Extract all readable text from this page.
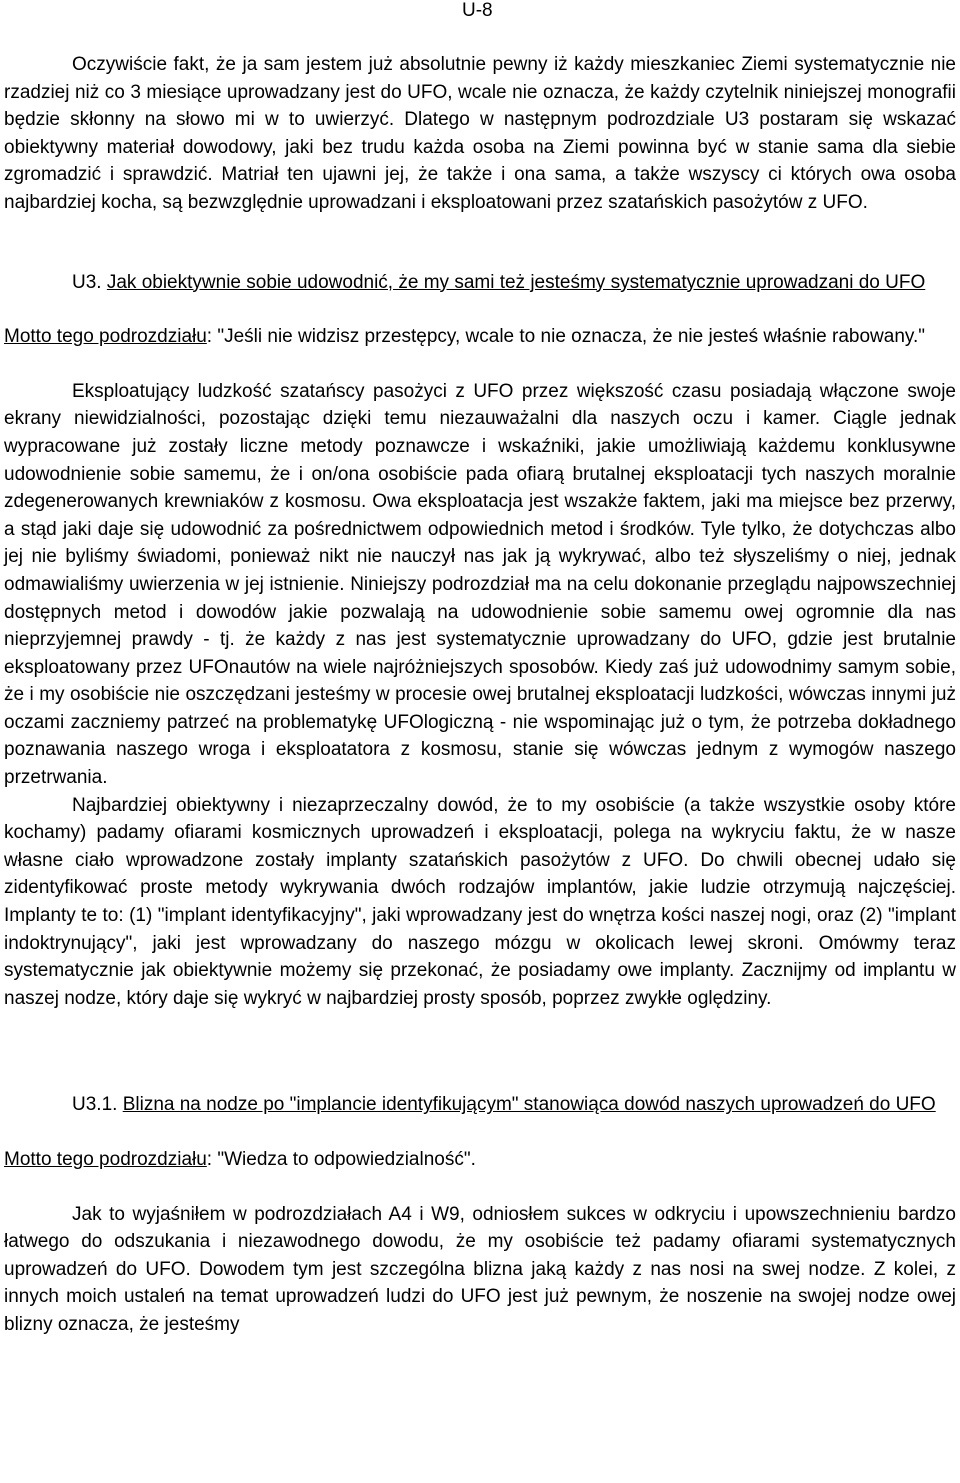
U-8

Oczywiście fakt, że ja sam jestem już absolutnie pewny iż każdy mieszkaniec Ziemi systematycznie nie rzadziej niż co 3 miesiące uprowadzany jest do UFO, wcale nie oznacza, że każdy czytelnik niniejszej monografii będzie skłonny na słowo mi w to uwierzyć. Dlatego w następnym podrozdziale U3 postaram się wskazać obiektywny materiał dowodowy, jaki bez trudu każda osoba na Ziemi powinna być w stanie sama dla siebie zgromadzić i sprawdzić. Matriał ten ujawni jej, że także i ona sama, a także wszyscy ci których owa osoba najbardziej kocha, są bezwzględnie uprowadzani i eksploatowani przez szatańskich pasożytów z UFO.

U3. Jak obiektywnie sobie udowodnić, że my sami też jesteśmy systematycznie uprowadzani do UFO

Motto tego podrozdziału: "Jeśli nie widzisz przestępcy, wcale to nie oznacza, że nie jesteś właśnie rabowany."

Eksploatujący ludzkość szatańscy pasożyci z UFO przez większość czasu posiadają włączone swoje ekrany niewidzialności, pozostając dzięki temu niezauważalni dla naszych oczu i kamer. Ciągle jednak wypracowane już zostały liczne metody poznawcze i wskaźniki, jakie umożliwiają każdemu konklusywne udowodnienie sobie samemu, że i on/ona osobiście pada ofiarą brutalnej eksploatacji tych naszych moralnie zdegenerowanych krewniaków z kosmosu. Owa eksploatacja jest wszakże faktem, jaki ma miejsce bez przerwy, a stąd jaki daje się udowodnić za pośrednictwem odpowiednich metod i środków. Tyle tylko, że dotychczas albo jej nie byliśmy świadomi, ponieważ nikt nie nauczył nas jak ją wykrywać, albo też słyszeliśmy o niej, jednak odmawialiśmy uwierzenia w jej istnienie. Niniejszy podrozdział ma na celu dokonanie przeglądu najpowszechniej dostępnych metod i dowodów jakie pozwalają na udowodnienie sobie samemu owej ogromnie dla nas nieprzyjemnej prawdy - tj. że każdy z nas jest systematycznie uprowadzany do UFO, gdzie jest brutalnie eksploatowany przez UFOnautów na wiele najróżniejszych sposobów. Kiedy zaś już udowodnimy samym sobie, że i my osobiście nie oszczędzani jesteśmy w procesie owej brutalnej eksploatacji ludzkości, wówczas innymi już oczami zaczniemy patrzeć na problematykę UFOlogiczną - nie wspominając już o tym, że potrzeba dokładnego poznawania naszego wroga i eksploatatora z kosmosu, stanie się wówczas jednym z wymogów naszego przetrwania.

Najbardziej obiektywny i niezaprzeczalny dowód, że to my osobiście (a także wszystkie osoby które kochamy) padamy ofiarami kosmicznych uprowadzeń i eksploatacji, polega na wykryciu faktu, że w nasze własne ciało wprowadzone zostały implanty szatańskich pasożytów z UFO. Do chwili obecnej udało się zidentyfikować proste metody wykrywania dwóch rodzajów implantów, jakie ludzie otrzymują najczęściej. Implanty te to: (1) "implant identyfikacyjny", jaki wprowadzany jest do wnętrza kości naszej nogi, oraz (2) "implant indoktrynujący", jaki jest wprowadzany do naszego mózgu w okolicach lewej skroni. Omówmy teraz systematycznie jak obiektywnie możemy się przekonać, że posiadamy owe implanty. Zacznijmy od implantu w naszej nodze, który daje się wykryć w najbardziej prosty sposób, poprzez zwykłe oględziny.

U3.1. Blizna na nodze po "implancie identyfikującym" stanowiąca dowód naszych uprowadzeń do UFO

Motto tego podrozdziału: "Wiedza to odpowiedzialność".

Jak to wyjaśniłem w podrozdziałach A4 i W9, odniosłem sukces w odkryciu i upowszechnieniu bardzo łatwego do odszukania i niezawodnego dowodu, że my osobiście też padamy ofiarami systematycznych uprowadzeń do UFO. Dowodem tym jest szczególna blizna jaką każdy z nas nosi na swej nodze. Z kolei, z innych moich ustaleń na temat uprowadzeń ludzi do UFO jest już pewnym, że noszenie na swojej nodze owej blizny oznacza, że jesteśmy
